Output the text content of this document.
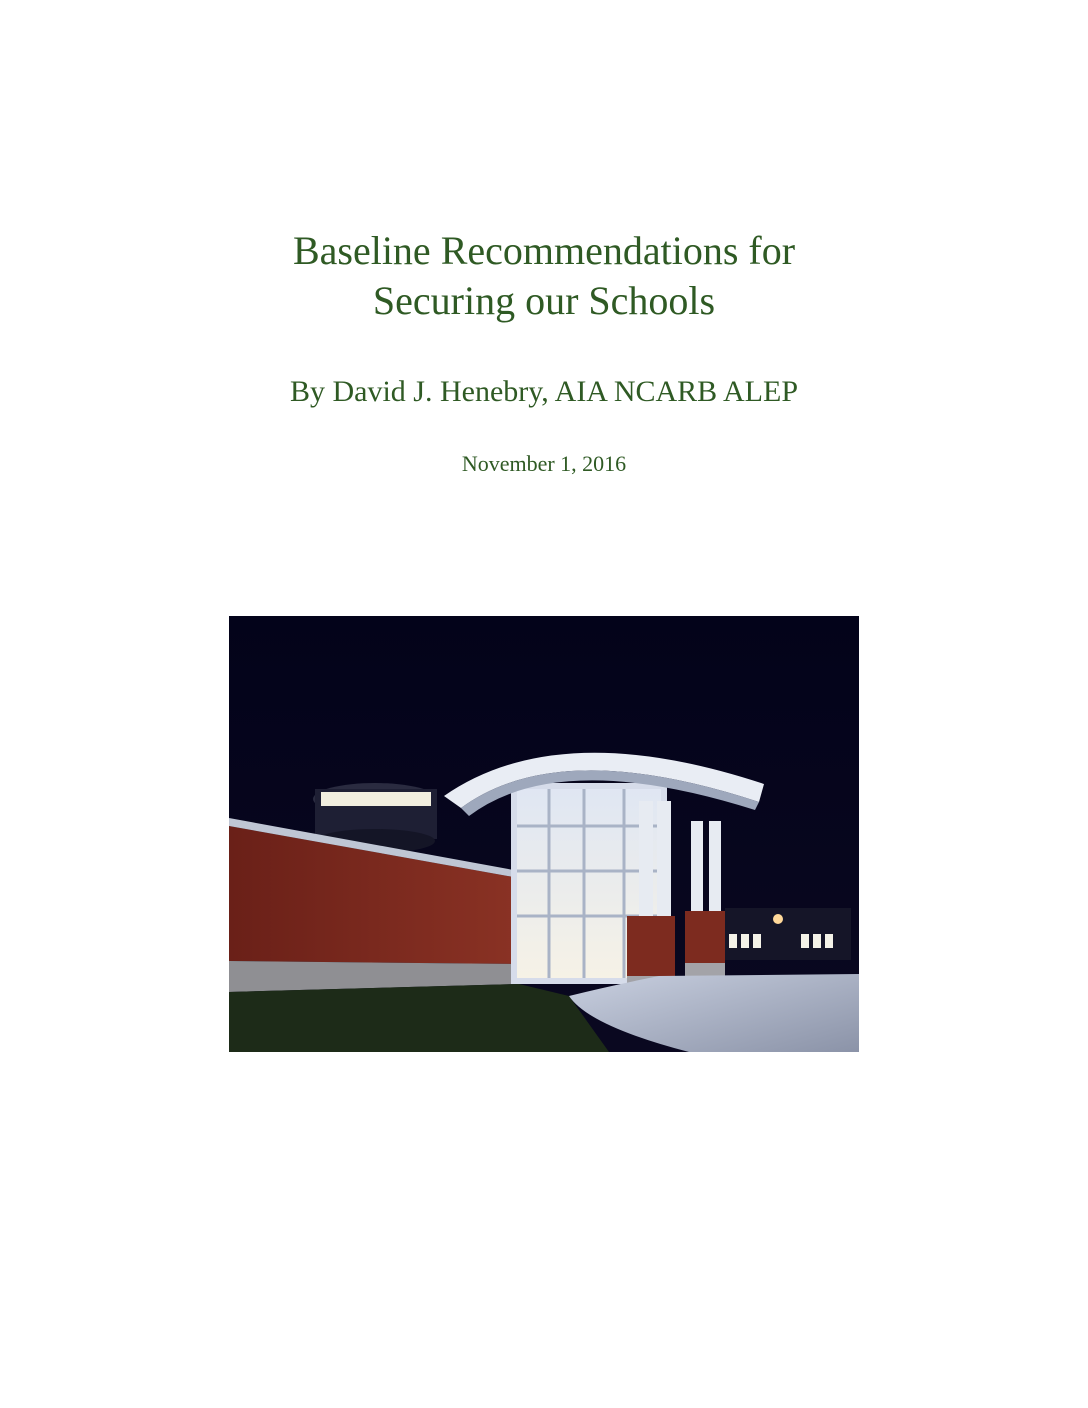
Baseline Recommendations for
Securing our Schools
By David J. Henebry, AIA NCARB ALEP
November 1, 2016
